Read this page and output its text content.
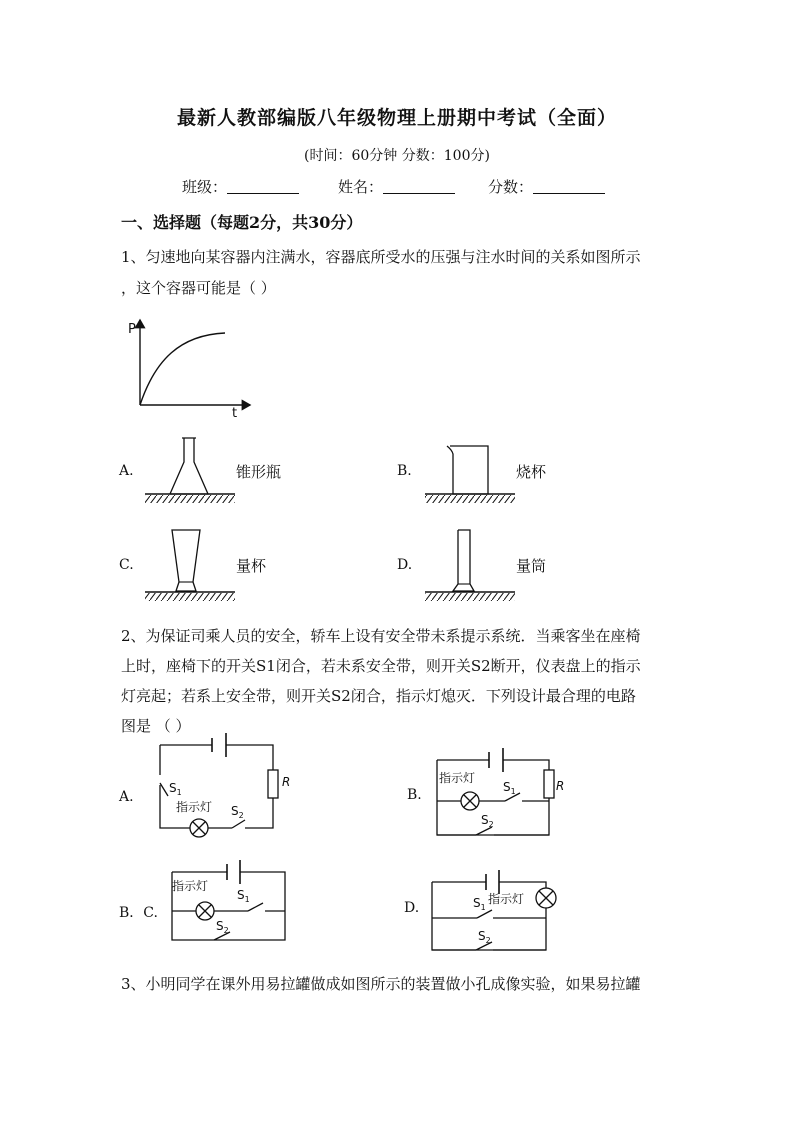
最新人教部编版八年级物理上册期中考试（全面）
(时间：60分钟 分数：100分)
班级：	姓名：	分数：
一、选择题（每题2分，共30分）
1、匀速地向某容器内注满水，容器底所受水的压强与注水时间的关系如图所示
，这个容器可能是（ ）
P
t
A.	锥形瓶	B.	烧杯
C.	量杯	D.	量筒
2、为保证司乘人员的安全，轿车上设有安全带未系提示系统．当乘客坐在座椅
上时，座椅下的开关S1闭合，若未系安全带，则开关S2断开，仪表盘上的指示
灯亮起；若系上安全带，则开关S2闭合，指示灯熄灭．下列设计最合理的电路
图是 （ ）
A.	B.
B．C.	D.
指示灯
$S_1$
$S_2$
R	指示灯
$S_1$
$S_2$
R
指示灯
$S_1$
$S_2$
指示灯
$S_1$
$S_2$
3、小明同学在课外用易拉罐做成如图所示的装置做小孔成像实验，如果易拉罐
